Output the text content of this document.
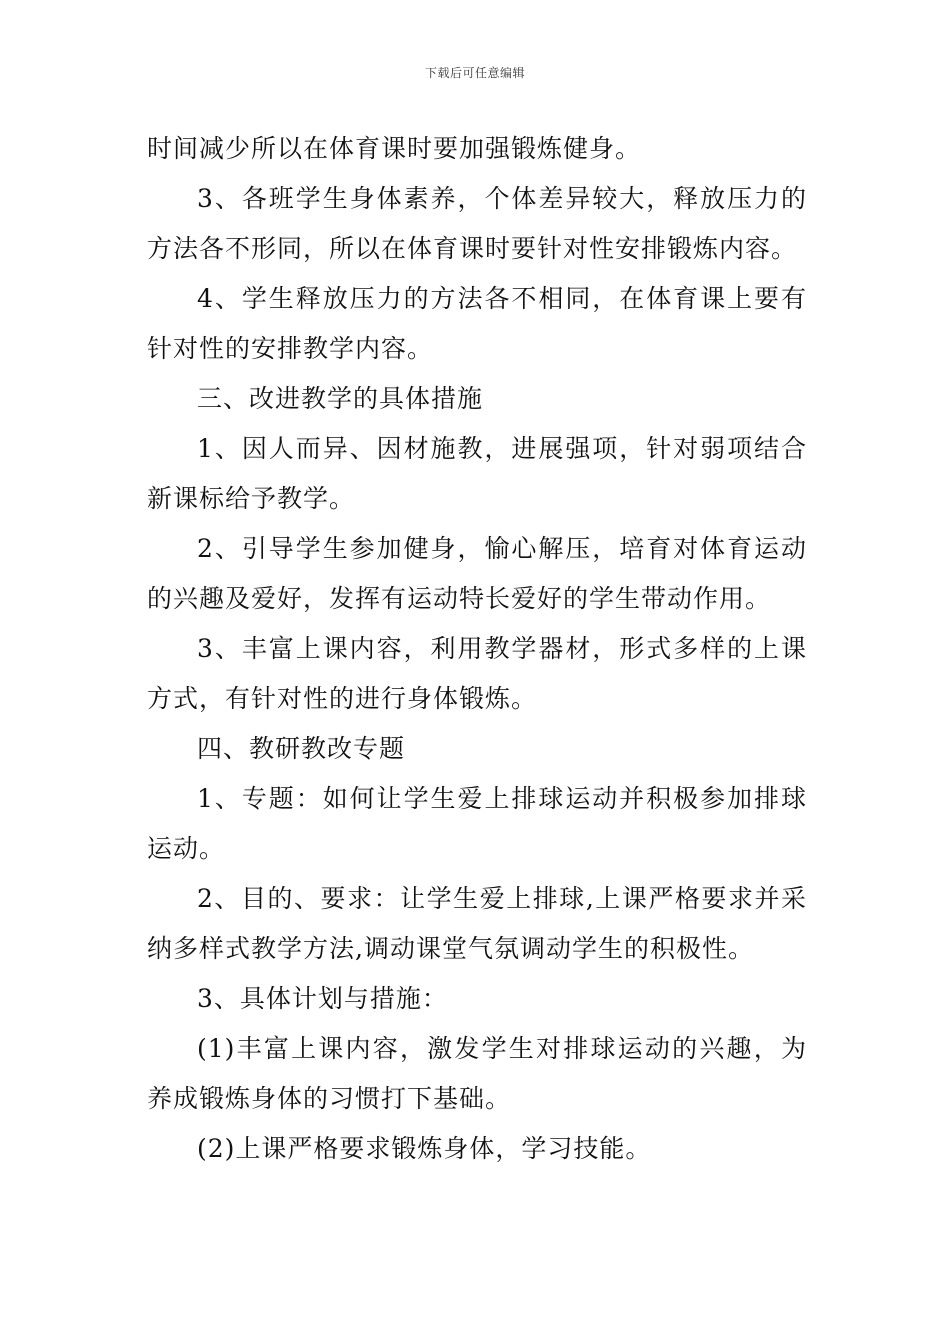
下载后可任意编辑

时间减少所以在体育课时要加强锻炼健身。

3、各班学生身体素养，个体差异较大，释放压力的方法各不形同，所以在体育课时要针对性安排锻炼内容。

4、学生释放压力的方法各不相同，在体育课上要有针对性的安排教学内容。

三、改进教学的具体措施

1、因人而异、因材施教，进展强项，针对弱项结合新课标给予教学。

2、引导学生参加健身，愉心解压，培育对体育运动的兴趣及爱好，发挥有运动特长爱好的学生带动作用。

3、丰富上课内容，利用教学器材，形式多样的上课方式，有针对性的进行身体锻炼。

四、教研教改专题

1、专题：如何让学生爱上排球运动并积极参加排球运动。

2、目的、要求：让学生爱上排球,上课严格要求并采纳多样式教学方法,调动课堂气氛调动学生的积极性。

3、具体计划与措施：

(1)丰富上课内容，激发学生对排球运动的兴趣，为养成锻炼身体的习惯打下基础。

(2)上课严格要求锻炼身体，学习技能。
